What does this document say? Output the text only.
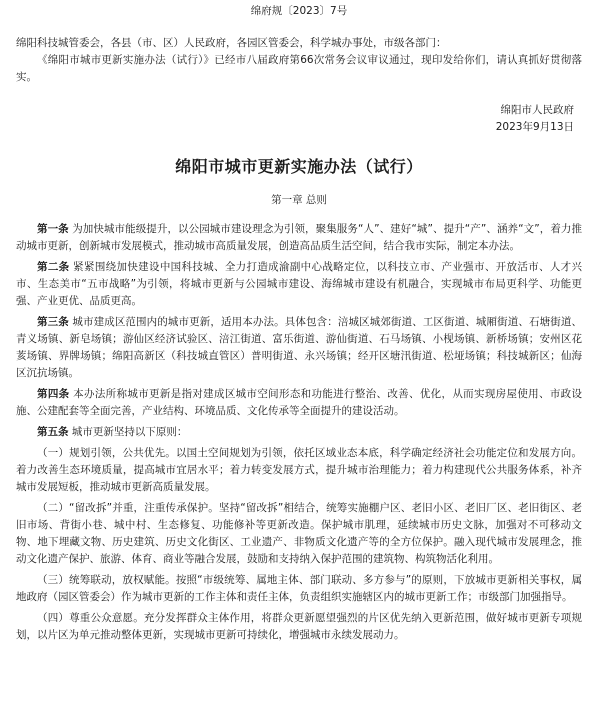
绵府规〔2023〕7号

绵阳科技城管委会，各县（市、区）人民政府，各园区管委会，科学城办事处，市级各部门：

《绵阳市城市更新实施办法（试行）》已经市八届政府第66次常务会议审议通过，现印发给你们，请认真抓好贯彻落实。

绵阳市人民政府

2023年9月13日

绵阳市城市更新实施办法（试行）
第一章 总则

第一条 为加快城市能级提升，以公园城市建设理念为引领，聚集服务“人”、建好“城”、提升“产”、涵养“文”，着力推动城市更新，创新城市发展模式，推动城市高质量发展，创造高品质生活空间，结合我市实际，制定本办法。

第二条 紧紧围绕加快建设中国科技城、全力打造成渝副中心战略定位，以科技立市、产业强市、开放活市、人才兴市、生态美市“五市战略”为引领，将城市更新与公园城市建设、海绵城市建设有机融合，实现城市布局更科学、功能更强、产业更优、品质更高。

第三条 城市建成区范围内的城市更新，适用本办法。具体包含：涪城区城郊街道、工区街道、城厢街道、石塘街道、青义场镇、新皂场镇；游仙区经济试验区、涪江街道、富乐街道、游仙街道、石马场镇、小枧场镇、新桥场镇；安州区花荄场镇、界牌场镇；绵阳高新区（科技城直管区）普明街道、永兴场镇；经开区塘汛街道、松垭场镇；科技城新区；仙海区沉抗场镇。

第四条 本办法所称城市更新是指对建成区城市空间形态和功能进行整治、改善、优化，从而实现房屋使用、市政设施、公建配套等全面完善，产业结构、环境品质、文化传承等全面提升的建设活动。

第五条 城市更新坚持以下原则：

（一）规划引领，公共优先。以国土空间规划为引领，依托区域业态本底，科学确定经济社会功能定位和发展方向。着力改善生态环境质量，提高城市宜居水平；着力转变发展方式，提升城市治理能力；着力构建现代公共服务体系，补齐城市发展短板，推动城市更新高质量发展。

（二）“留改拆”并重，注重传承保护。坚持“留改拆”相结合，统筹实施棚户区、老旧小区、老旧厂区、老旧街区、老旧市场、背街小巷、城中村、生态修复、功能修补等更新改造。保护城市肌理，延续城市历史文脉，加强对不可移动文物、地下埋藏文物、历史建筑、历史文化街区、工业遗产、非物质文化遗产等的全方位保护。融入现代城市发展理念，推动文化遗产保护、旅游、体育、商业等融合发展，鼓励和支持纳入保护范围的建筑物、构筑物活化利用。

（三）统筹联动，放权赋能。按照“市级统筹、属地主体、部门联动、多方参与”的原则，下放城市更新相关事权，属地政府（园区管委会）作为城市更新的工作主体和责任主体，负责组织实施辖区内的城市更新工作；市级部门加强指导。

（四）尊重公众意愿。充分发挥群众主体作用，将群众更新愿望强烈的片区优先纳入更新范围，做好城市更新专项规划，以片区为单元推动整体更新，实现城市更新可持续化，增强城市永续发展动力。
